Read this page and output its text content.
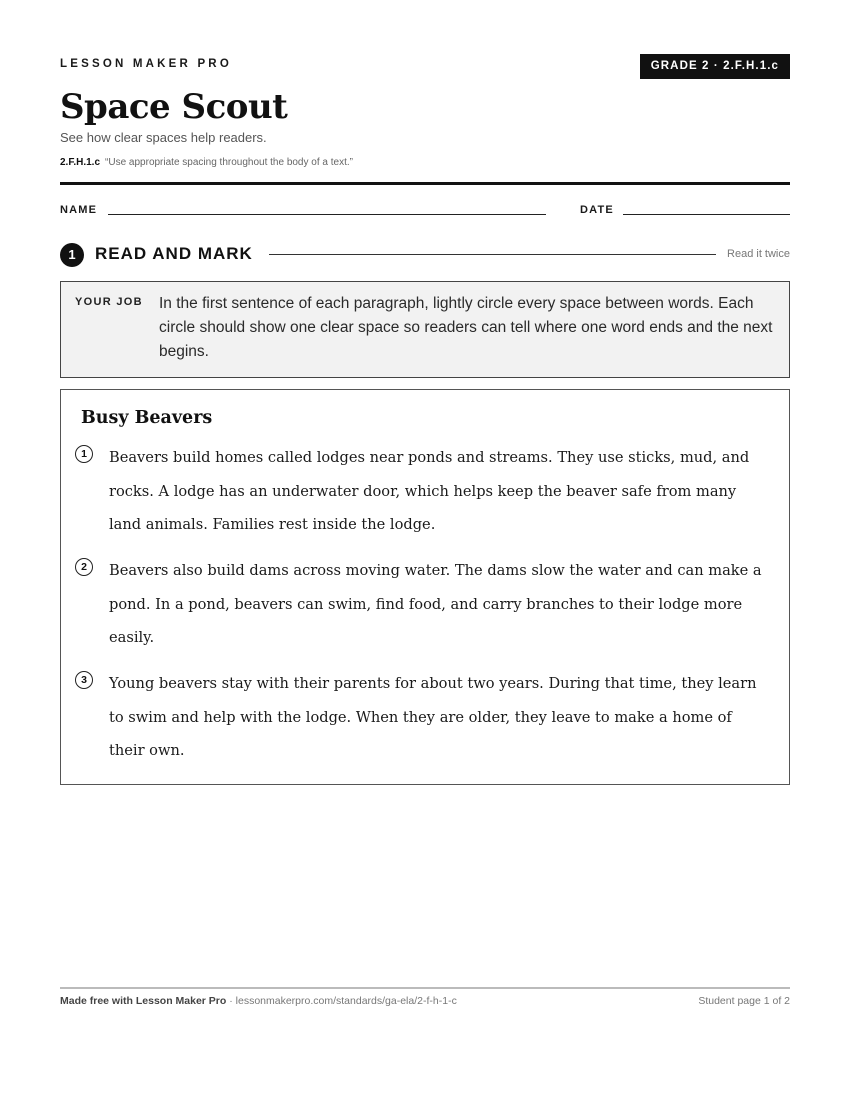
LESSON MAKER PRO	GRADE 2 · 2.F.H.1.c
Space Scout
See how clear spaces help readers.
2.F.H.1.c “Use appropriate spacing throughout the body of a text.”
NAME	DATE
1	READ AND MARK	Read it twice
YOUR JOB In the first sentence of each paragraph, lightly circle every space between words. Each circle should show one clear space so readers can tell where one word ends and the next begins.
Busy Beavers
1	Beavers build homes called lodges near ponds and streams. They use sticks, mud, and rocks. A lodge has an underwater door, which helps keep the beaver safe from many land animals. Families rest inside the lodge.

2	Beavers also build dams across moving water. The dams slow the water and can make a pond. In a pond, beavers can swim, find food, and carry branches to their lodge more easily.

3	Young beavers stay with their parents for about two years. During that time, they learn to swim and help with the lodge. When they are older, they leave to make a home of their own.

Made free with Lesson Maker Pro · lessonmakerpro.com/standards/ga-ela/2-f-h-1-c	Student page 1 of 2
